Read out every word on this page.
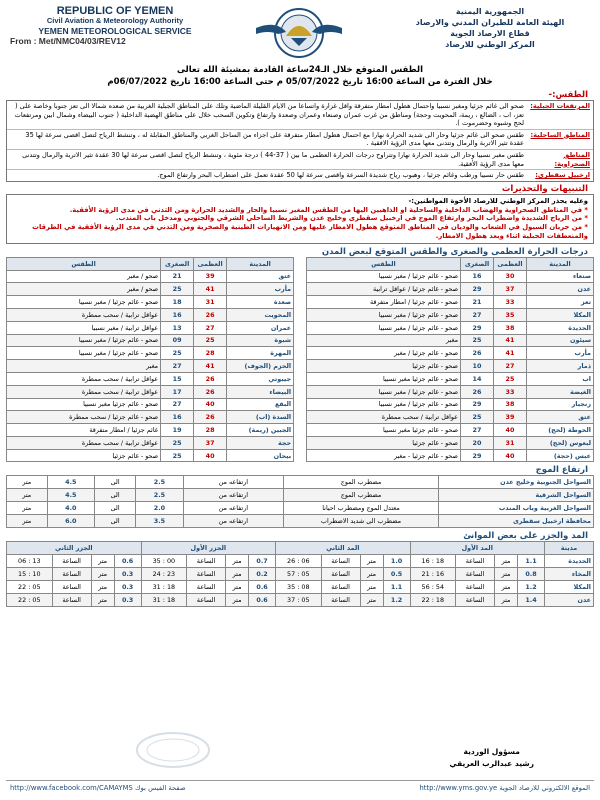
REPUBLIC OF YEMEN
Civil Aviation & Meteorology Authority
YEMEN METEOROLOGICAL SERVICE
From : Met/NMC04/03/REV12
الجمهورية اليمنية
الهيئة العامة للطيران المدني والارصاد
قطاع الارصاد الجوية
المركز الوطني للارصاد
الطقس المتوقع خلال الـ24ساعة القادمة بمشيئة الله تعالى
خلال الفترة من الساعة 16:00 تاريخ 05/07/2022 م حتى الساعة 16:00 تاريخ 06/07/2022م
الطقس:-
المرتفعات الجبلية:
صحو الى غائم جزئيا ومغبر نسبيا واحتمال هطول امطار متفرقة واقل غزارة واتساعا من الايام القليلة الماضية وتلك على المناطق الجبلية الغربية من صعده شمالا الى تعز جنوبا وخاصة على ( تعز، اب ، الضالع ، ريمة، المحويت وحجة) ومناطق من غرب عمران وصنعاء وعمران وصعدة وارتفاع وتكوين السحب خلال على مناطق الهضبة الداخلية ( جنوب البيضاء وشمال ابين ومرتفعات لحج وشبوه وحضرموت ).
المناطق الساحلية:
طقس صحو الى غائم جزئيا وحار الى شديد الحرارة نهارا مع احتمال هطول امطار متفرقة على اجزاء من الساحل الغربي والمناطق المقابلة له ، وتنشط الرياح لتصل اقصى سرعة لها 35 عقدة تثير الاتربة والرمال وتتدنى معها مدى الرؤية الافقية .
المناطق الصحراوية:
طقس مغبر نسبيا وحار الى شديد الحرارة نهارا وتتراوح درجات الحرارة العظمى ما بين ( 37-44 ) درجة مئوية ، وتنشط الرياح لتصل اقصى سرعة لها 30 عقدة تثير الاتربة والرمال وتتدنى معها مدى الرؤية الأفقية.
ارخبيل سقطرى:
طقس حار نسبيا ورطب وغائم جزئيا ، وهبوب رياح شديدة السرعة واقصى سرعة لها 50 عقدة تعمل على اضطراب البحر وارتفاع الموج.
التنبيهات والتحذيرات
وعليه يحذر المركز الوطني للارصاد الأخوة المواطنين:-
* في المناطق الصحراوية والهضاب الداخلية والساحلية او الذاهبين اليها من الطقس المغبر نسبيا والحار والشديد الحرارة ومن التدني في مدى الرؤية الأفقية.
* من الرياح الشديدة واضطراب البحر وارتفاع الموج في ارخبيل سقطرى وخليج عدن والشريط الساحلي الشرقي والجنوبي ومدخل باب المندب.
* من جريان السيول في الشعاب والوديان في المناطق المتوقع هطول الامطار عليها ومن الانهيارات الطينية والصخرية ومن التدني في مدى الرؤية الأفقية في الطرقات والمنعطفات الجبلية اثناء وبعد هطول الامطار.
درجات الحرارة العظمى والصغرى والطقس المتوقع لبعض المدن
المدينة	العظمى	الصغرى	الطقس
صنعاء	30	16	صحو - غائم جزئيا / مغبر نسبيا
عدن	37	29	صحو - غائم جزئيا / عواقل ترابية
تعز	33	21	صحو - غائم جزئيا / امطار متفرقة
المكلا	35	27	صحو - غائم جزئيا / مغبر نسبيا
الحديدة	38	29	صحو - غائم جزئيا / مغبر نسبيا
سيئون	41	25	مغبر
مأرب	41	26	صحو - غائم جزئيا / مغبر
ذمار	27	10	صحو - غائم جزئيا
اب	25	14	صحو - غائم جزئيا مغبر نسبيا
الغيضة	33	26	صحو - غائم جزئيا / مغبر نسبيا
زنجبار	38	29	صحو - غائم جزئيا / مغبر نسبيا
عتق	39	25	عواقل ترابية / سحب ممطرة
الحوطة (لحج)	40	27	صحو - غائم جزئيا مغبر نسبيا
لبعوس (لحج)	31	20	صحو - غائم جزئيا
عبس (حجة)	40	29	صحو - غائم جزئيا - مغبر
المدينة	العظمى	الصغرى	الطقس
عتق	39	21	صحو / مغبر
مأرب	41	25	صحو / مغبر
صعدة	31	18	صحو - غائم جزئيا / مغبر نسبيا
المحويت	26	16	عواقل ترابية / سحب ممطرة
عمران	27	13	عواقل ترابية / مغبر نسبيا
شبوة	25	09	صحو - غائم جزئيا / مغبر نسبيا
المهرة	28	25	صحو - غائم جزئيا / مغبر نسبيا
الحزم (الجوف)	41	27	مغبر
جيبوتي	26	15	عواقل ترابية / سحب ممطرة
البيضاء	26	17	عواقل ترابية / سحب ممطرة
البقع	40	27	صحو - غائم جزئيا مغبر نسبيا
السدة (اب)	26	16	صحو - غائم جزئيا / سحب ممطرة
الجبين (ريمة)	28	19	غائم جزئيا / امطار متفرقة
حجة	37	25	عواقل ترابية / سحب ممطرة
بيحان	40	25	صحو - غائم جزئيا
ارتفاع الموج
السواحل الجنوبية وخليج عدن	مضطرب الموج	ارتفاعه من	2.5	الى	4.5	متر
السواحل الشرقية	مضطرب الموج	ارتفاعه من	2.5	الى	4.5	متر
السواحل الغربية وباب المندب	معتدل الموج ومضطرب احيانا	ارتفاعه من	2.0	الى	4.0	متر
محافظة ارخبيل سقطرى	مضطرب الى شديد الاضطراب	ارتفاعه من	3.5	الى	6.0	متر
المد والجزر على بعض الموانئ
مدينة	المد الأول				المد الثاني				الجزر الأول				الجزر الثاني			
الحديدة	1.1	متر	الساعة	18 : 16	1.0	متر	الساعة	06 : 26	0.7	متر	الساعة	00 : 35	0.6	متر	الساعة	13 : 06
المخاء	0.8	متر	الساعة	16 : 21	0.5	متر	الساعة	05 : 57	0.2	متر	الساعة	23 : 24	0.3	متر	الساعة	10 : 15
المكلا	1.2	متر	الساعة	54 : 56	1.1	متر	الساعة	08 : 35	0.6	متر	الساعة	18 : 31	0.3	متر	الساعة	05 : 22
عدن	1.4	متر	الساعة	18 : 22	1.2	متر	الساعة	05 : 37	0.6	متر	الساعة	18 : 31	0.3	متر	الساعة	05 : 22
مسؤول الوردية
رشيد عبدالرب العريقي
http://www.facebook.com/CAMAYMS صفحة الفيس بوك	الموقع الالكتروني للارصاد الجوية http://www.yms.gov.ye
